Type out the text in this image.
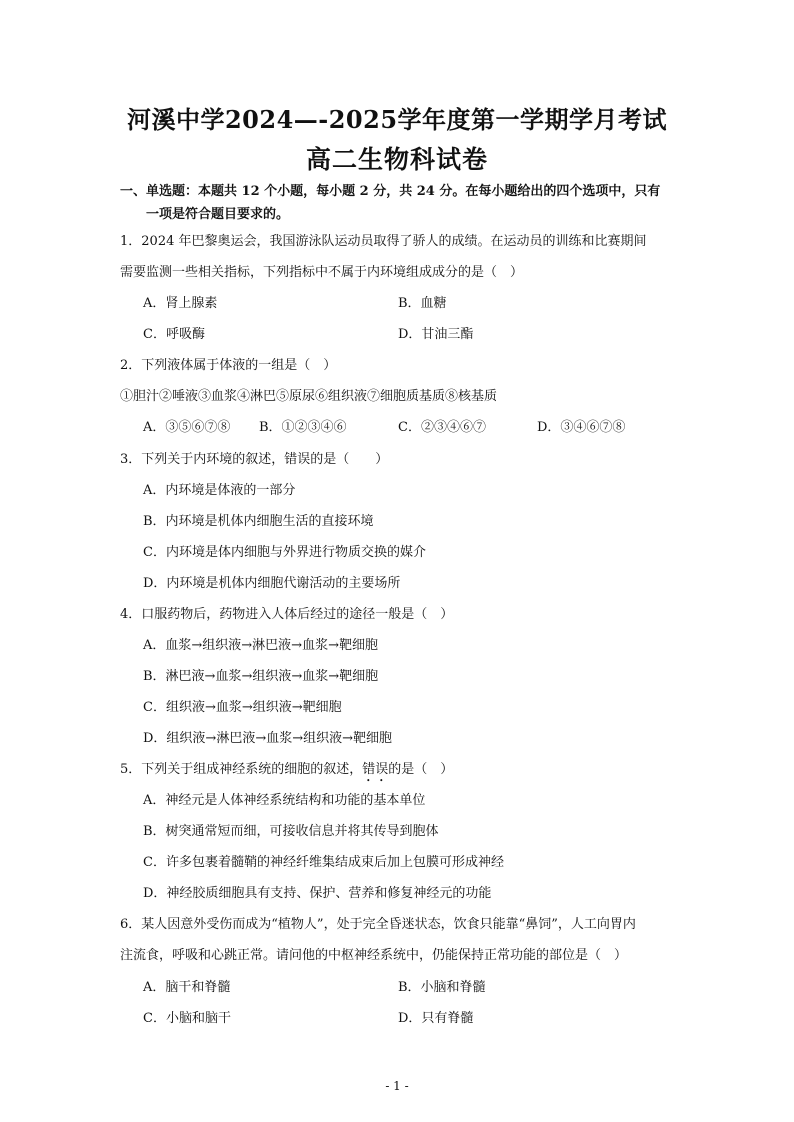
河溪中学2024—-2025学年度第一学期学月考试
高二生物科试卷
一、单选题：本题共 12 个小题，每小题 2 分，共 24 分。在每小题给出的四个选项中，只有
一项是符合题目要求的。
1．2024 年巴黎奥运会，我国游泳队运动员取得了骄人的成绩。在运动员的训练和比赛期间
需要监测一些相关指标，下列指标中不属于内环境组成成分的是（　）
A．肾上腺素	B．血糖
C．呼吸酶	D．甘油三酯
2．下列液体属于体液的一组是（　）
①胆汁②唾液③血浆④淋巴⑤原尿⑥组织液⑦细胞质基质⑧核基质
A．③⑤⑥⑦⑧ B．①②③④⑥	C．②③④⑥⑦	D．③④⑥⑦⑧
3．下列关于内环境的叙述，错误的是（　　）
A．内环境是体液的一部分
B．内环境是机体内细胞生活的直接环境
C．内环境是体内细胞与外界进行物质交换的媒介
D．内环境是机体内细胞代谢活动的主要场所
4．口服药物后，药物进入人体后经过的途径一般是（　）
A．血浆→组织液→淋巴液→血浆→靶细胞
B．淋巴液→血浆→组织液→血浆→靶细胞
C．组织液→血浆→组织液→靶细胞
D．组织液→淋巴液→血浆→组织液→靶细胞
5．下列关于组成神经系统的细胞的叙述，错误的是（　）
A．神经元是人体神经系统结构和功能的基本单位
B．树突通常短而细，可接收信息并将其传导到胞体
C．许多包裹着髓鞘的神经纤维集结成束后加上包膜可形成神经
D．神经胶质细胞具有支持、保护、营养和修复神经元的功能
6．某人因意外受伤而成为“植物人”，处于完全昏迷状态，饮食只能靠“鼻饲”，人工向胃内
注流食，呼吸和心跳正常。请问他的中枢神经系统中，仍能保持正常功能的部位是（　）
A．脑干和脊髓	B．小脑和脊髓
C．小脑和脑干	D．只有脊髓
- 1 -
